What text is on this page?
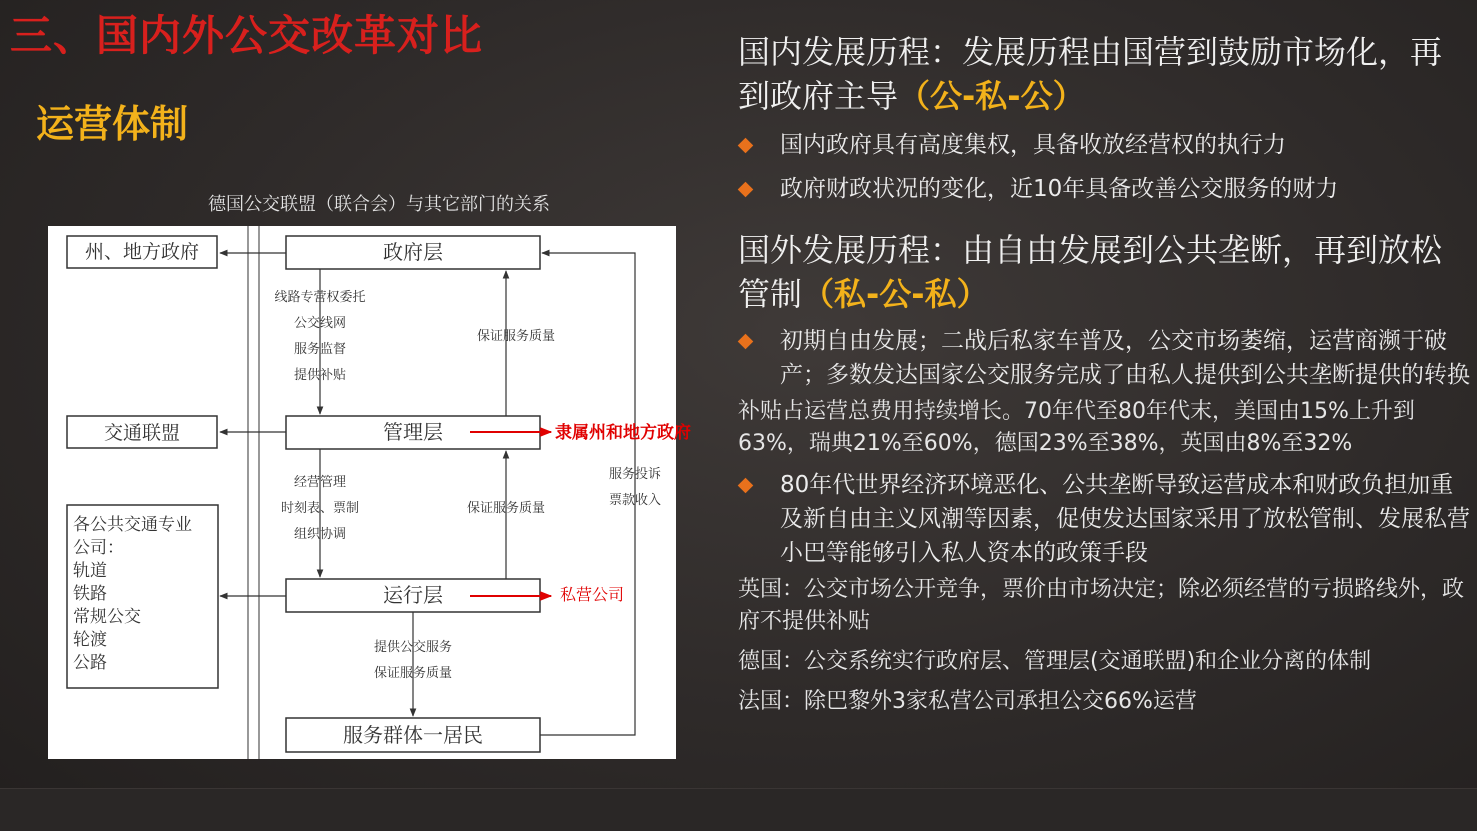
三、国内外公交改革对比
运营体制
德国公交联盟（联合会）与其它部门的关系
州、地方政府
交通联盟
各公共交通专业
公司：
轨道
铁路
常规公交
轮渡
公路
政府层
管理层
运行层
服务群体一居民
线路专营权委托
公交线网
服务监督
提供补贴
经营管理
时刻表、票制
组织协调
提供公交服务
保证服务质量
保证服务质量
保证服务质量
服务投诉
票款收入
隶属州和地方政府
私营公司

国内发展历程：发展历程由国营到鼓励市场化，再到政府主导（公-私-公）

国内政府具有高度集权，具备收放经营权的执行力
政府财政状况的变化，近10年具备改善公交服务的财力

国外发展历程：由自由发展到公共垄断，再到放松管制（私-公-私）

初期自由发展；二战后私家车普及，公交市场萎缩，运营商濒于破产；多数发达国家公交服务完成了由私人提供到公共垄断提供的转换

补贴占运营总费用持续增长。70年代至80年代末，美国由15%上升到63%，瑞典21%至60%，德国23%至38%，英国由8%至32%

80年代世界经济环境恶化、公共垄断导致运营成本和财政负担加重及新自由主义风潮等因素，促使发达国家采用了放松管制、发展私营小巴等能够引入私人资本的政策手段

英国：公交市场公开竞争，票价由市场决定；除必须经营的亏损路线外，政府不提供补贴

德国：公交系统实行政府层、管理层(交通联盟)和企业分离的体制

法国：除巴黎外3家私营公司承担公交66%运营
